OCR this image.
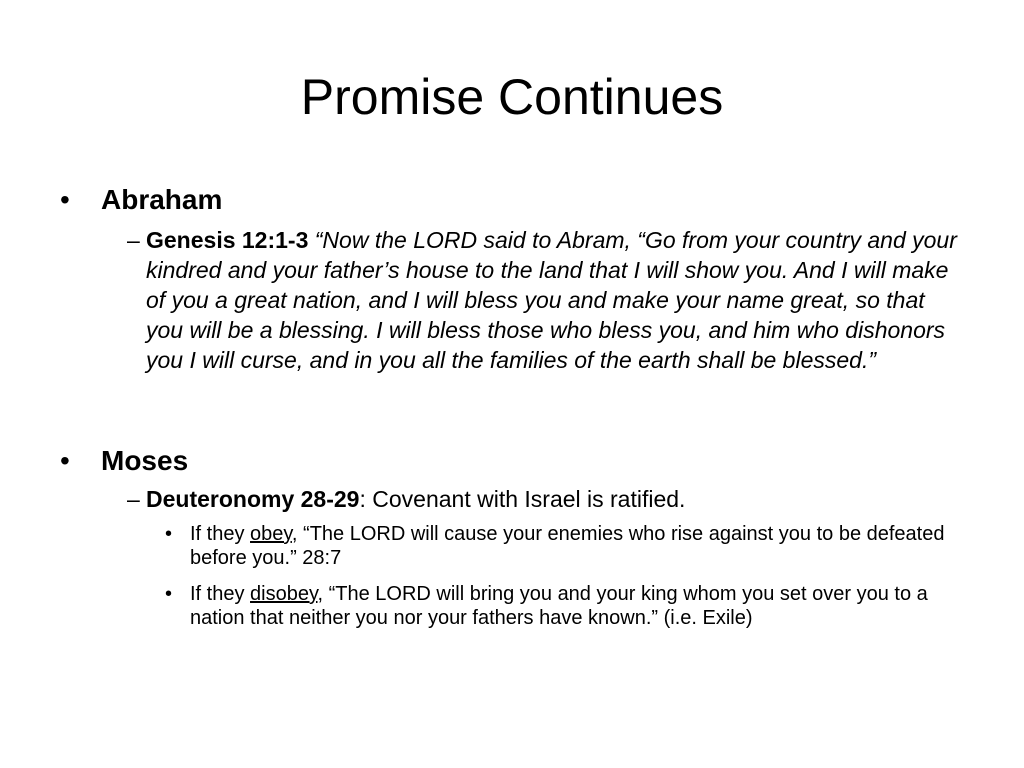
Promise Continues
• Abraham
– Genesis 12:1-3 “Now the LORD said to Abram, “Go from your country and your kindred and your father’s house to the land that I will show you. And I will make of you a great nation, and I will bless you and make your name great, so that you will be a blessing. I will bless those who bless you, and him who dishonors you I will curse, and in you all the families of the earth shall be blessed.”
• Moses
– Deuteronomy 28-29: Covenant with Israel is ratified.
• If they obey, “The LORD will cause your enemies who rise against you to be defeated before you.” 28:7
• If they disobey, “The LORD will bring you and your king whom you set over you to a nation that neither you nor your fathers have known.” (i.e. Exile)
